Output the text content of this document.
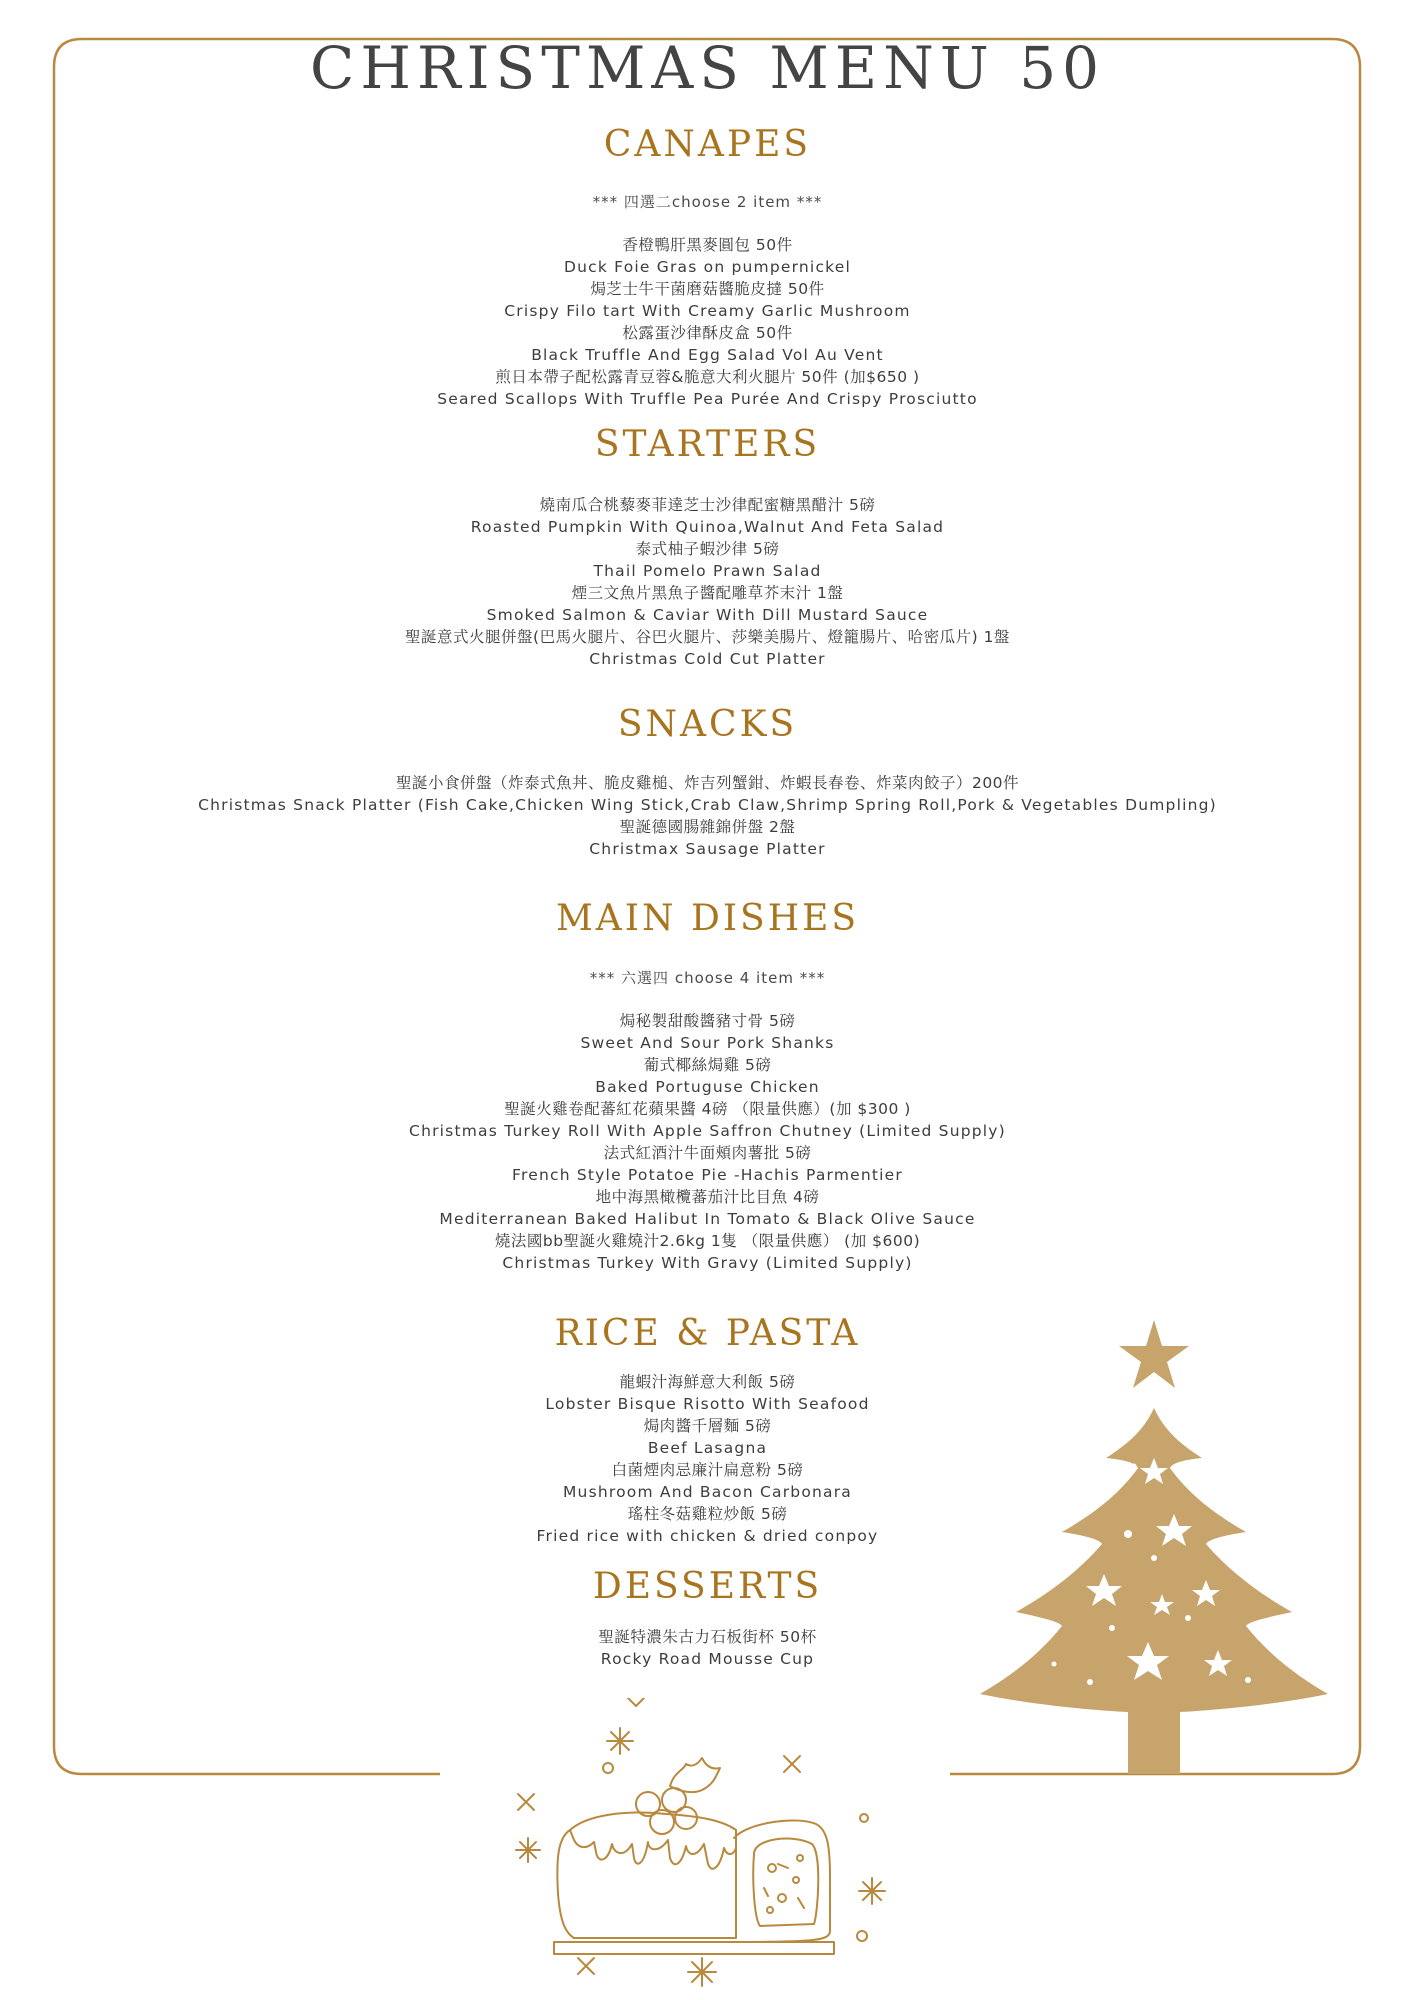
CHRISTMAS MENU 50
CANAPES
*** 四選二choose 2 item ***
香橙鴨肝黑麥圓包 50件
Duck Foie Gras on pumpernickel
焗芝士牛干菌磨菇醬脆皮撻 50件
Crispy Filo tart With Creamy Garlic Mushroom
松露蛋沙律酥皮盒 50件
Black Truffle And Egg Salad Vol Au Vent
煎日本帶子配松露青豆蓉&脆意大利火腿片 50件 (加$650 )
Seared Scallops With Truffle Pea Purée And Crispy Prosciutto
STARTERS
燒南瓜合桃藜麥菲達芝士沙律配蜜糖黑醋汁 5磅
Roasted Pumpkin With Quinoa,Walnut And Feta Salad
泰式柚子蝦沙律 5磅
Thail Pomelo Prawn Salad
煙三文魚片黑魚子醬配雕草芥末汁 1盤
Smoked Salmon & Caviar With Dill Mustard Sauce
聖誕意式火腿併盤(巴馬火腿片、谷巴火腿片、莎樂美腸片、燈籠腸片、哈密瓜片) 1盤
Christmas Cold Cut Platter
SNACKS
聖誕小食併盤（炸泰式魚丼、脆皮雞槌、炸吉列蟹鉗、炸蝦長春卷、炸菜肉餃子）200件
Christmas Snack Platter (Fish Cake,Chicken Wing Stick,Crab Claw,Shrimp Spring Roll,Pork & Vegetables Dumpling)
聖誕德國腸雜錦併盤 2盤
Christmax Sausage Platter
MAIN DISHES
*** 六選四 choose 4 item ***
焗秘製甜酸醬豬寸骨 5磅
Sweet And Sour Pork Shanks
葡式椰絲焗雞 5磅
Baked Portuguse Chicken
聖誕火雞卷配蕃紅花蘋果醬 4磅 （限量供應）(加 $300 )
Christmas Turkey Roll With Apple Saffron Chutney (Limited Supply)
法式紅酒汁牛面頰肉薯批 5磅
French Style Potatoe Pie -Hachis Parmentier
地中海黑橄欖蕃茄汁比目魚 4磅
Mediterranean Baked Halibut In Tomato & Black Olive Sauce
燒法國bb聖誕火雞燒汁2.6kg 1隻 （限量供應） (加 $600)
Christmas Turkey With Gravy (Limited Supply)
RICE & PASTA
龍蝦汁海鮮意大利飯 5磅
Lobster Bisque Risotto With Seafood
焗肉醬千層麵 5磅
Beef Lasagna
白菌煙肉忌廉汁扁意粉 5磅
Mushroom And Bacon Carbonara
瑤柱冬菇雞粒炒飯 5磅
Fried rice with chicken & dried conpoy
DESSERTS
聖誕特濃朱古力石板街杯 50杯
Rocky Road Mousse Cup
